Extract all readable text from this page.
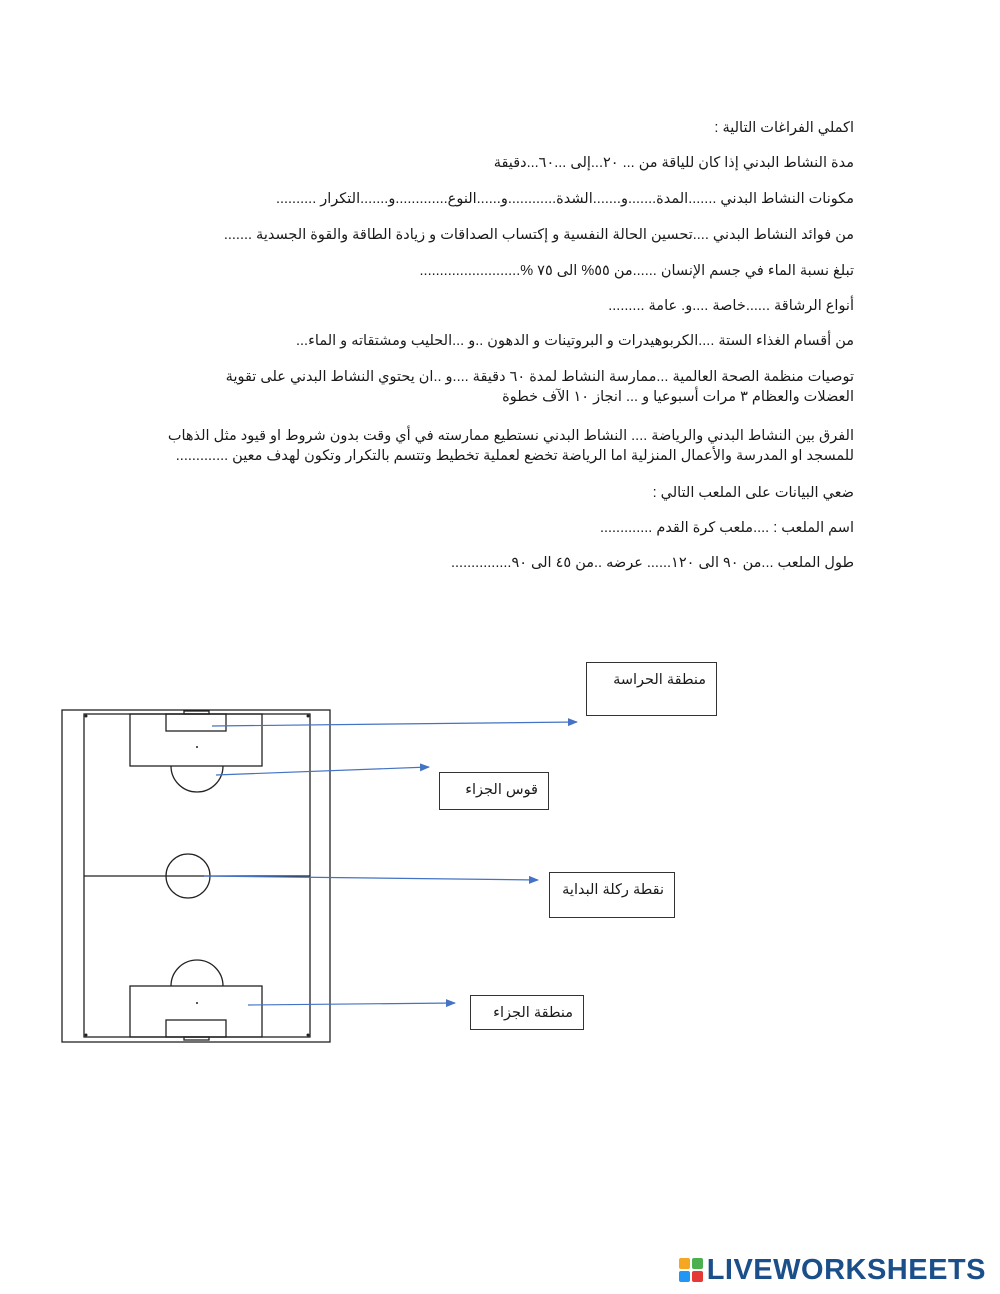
اكملي الفراغات التالية :
مدة النشاط البدني إذا كان للياقة من ... ٢٠...إلى ...٦٠...دقيقة
مكونات النشاط البدني .......المدة.......و.......الشدة............و......النوع.............و.......التكرار ..........
من فوائد النشاط البدني ....تحسين الحالة النفسية و إكتساب الصداقات و زيادة الطاقة والقوة الجسدية .......
تبلغ نسبة الماء في جسم الإنسان ......من ٥٥% الى ٧٥ %.........................
أنواع الرشاقة ......خاصة ....و. عامة .........
من أقسام الغذاء الستة ....الكربوهيدرات و البروتينات و الدهون ..و ...الحليب ومشتقاته و الماء...
توصيات منظمة الصحة العالمية ...ممارسة النشاط لمدة ٦٠ دقيقة ....و ..ان يحتوي النشاط البدني على تقوية العضلات والعظام ٣ مرات أسبوعيا و ... انجاز ١٠ الآف خطوة
الفرق بين النشاط البدني والرياضة .... النشاط البدني نستطيع ممارسته في أي وقت بدون شروط او قيود مثل الذهاب للمسجد او المدرسة والأعمال المنزلية اما الرياضة تخضع لعملية تخطيط وتتسم بالتكرار وتكون لهدف معين .............
ضعي البيانات على الملعب التالي :
اسم الملعب : ....ملعب كرة القدم .............
طول الملعب ...من ٩٠ الى ١٢٠...... عرضه ..من ٤٥ الى ٩٠...............
منطقة الحراسة
قوس الجزاء
نقطة ركلة البداية
منطقة الجزاء
LIVEWORKSHEETS
